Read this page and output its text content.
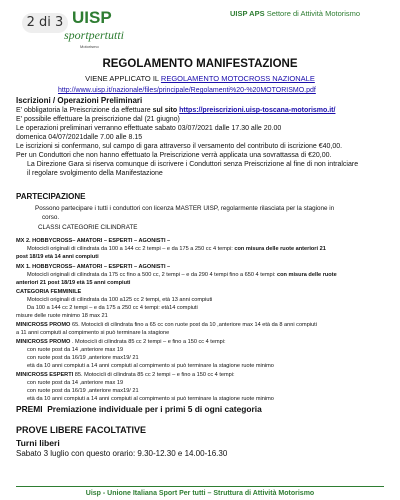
2 di 3 UISP
sportpertutti
Motorismo
UISP APS Settore di Attività Motorismo
REGOLAMENTO MANIFESTAZIONE
VIENE APPLICATO IL REGOLAMENTO MOTOCROSS NAZIONALE
http://www.uisp.it/nazionale/files/principale/Regolamenti%20-%20MOTORISMO.pdf
Iscrizioni / Operazioni Preliminari
E' obbligatoria la Preiscrizione da effettuare sul sito https://preiscrizioni.uisp-toscana-motorismo.it/
E' possibile effettuare la preiscrizione dal (21 giugno)
Le operazioni preliminari verranno effettuate sabato 03/07/2021 dalle 17.30 alle 20.00
domenica 04/07/2021dalle 7.00 alle 8.15
Le iscrizioni si confermano, sul campo di gara attraverso il versamento del contributo di iscrizione €40,00.
Per un Conduttori che non hanno effettuato la Preiscrizione verrà applicata una sovrattassa di €20,00.
La Direzione Gara si riserva comunque di iscrivere i Conduttori senza Preiscrizione al fine di non intralciare
il regolare svolgimento della Manifestazione
PARTECIPAZIONE
Possono partecipare i tutti i conduttori con licenza MASTER UISP, regolarmente rilasciata per la stagione in
corso.
CLASSI CATEGORIE CILINDRATE
MX 2. HOBBYCROSS– AMATORI – ESPERTI – AGONISTI –
Motocicli originali di cilindrata da 100 a 144 cc 2 tempi – e da 175 a 250 cc 4 tempi: con misura delle ruote anteriori 21
post 18/19 età 14 anni compiuti
MX 1. HOBBYCROSS– AMATORI – ESPERTI – AGONISTI –
Motocicli originali di cilindrata da 175 cc fino a 500 cc, 2 tempi – e da 290 4 tempi fino a 650 4 tempi: con misura delle ruote
anteriori 21 post 18/19 età 15 anni compiuti
CATEGORIA FEMMINILE
Motocicli originali di cilindrata da 100 a125 cc 2 tempi, età 13 anni compiuti
Da 100 a 144 cc 2 tempi – e da 175 a 250 cc 4 tempi: età14 compiuti
misure delle ruote minimo 18 max 21
MINICROSS PROMO 65. Motocicli di cilindrata fino a 65 cc con ruote post da 10 ,anteriore max 14 età da 8 anni compiuti
a 11 anni compiuti al compimento si può terminare la stagione
MINICROSS PROMO . Motocicli di cilindrata 85 cc 2 tempi – e fino a 150 cc 4 tempi:
con ruote post da 14 ,anteriore max 19
con ruote post da 16/19 ,anteriore max19/ 21
età da 10 anni compiuti a 14 anni compiuti al compimento si può terminare la stagione ruote minimo
MINICROSS ESPERTI 85. Motocicli di cilindrata 85 cc 2 tempi – e fino a 150 cc 4 tempi:
con ruote post da 14 ,anteriore max 19
con ruote post da 16/19 ,anteriore max19/ 21
età da 10 anni compiuti a 14 anni compiuti al compimento si può terminare la stagione ruote minimo
PREMI Premiazione individuale per i primi 5 di ogni categoria
PROVE LIBERE FACOLTATIVE
Turni liberi
Sabato 3 luglio con questo orario: 9.30-12.30 e 14.00-16.30
Uisp - Unione Italiana Sport Per tutti – Struttura di Attività Motorismo
